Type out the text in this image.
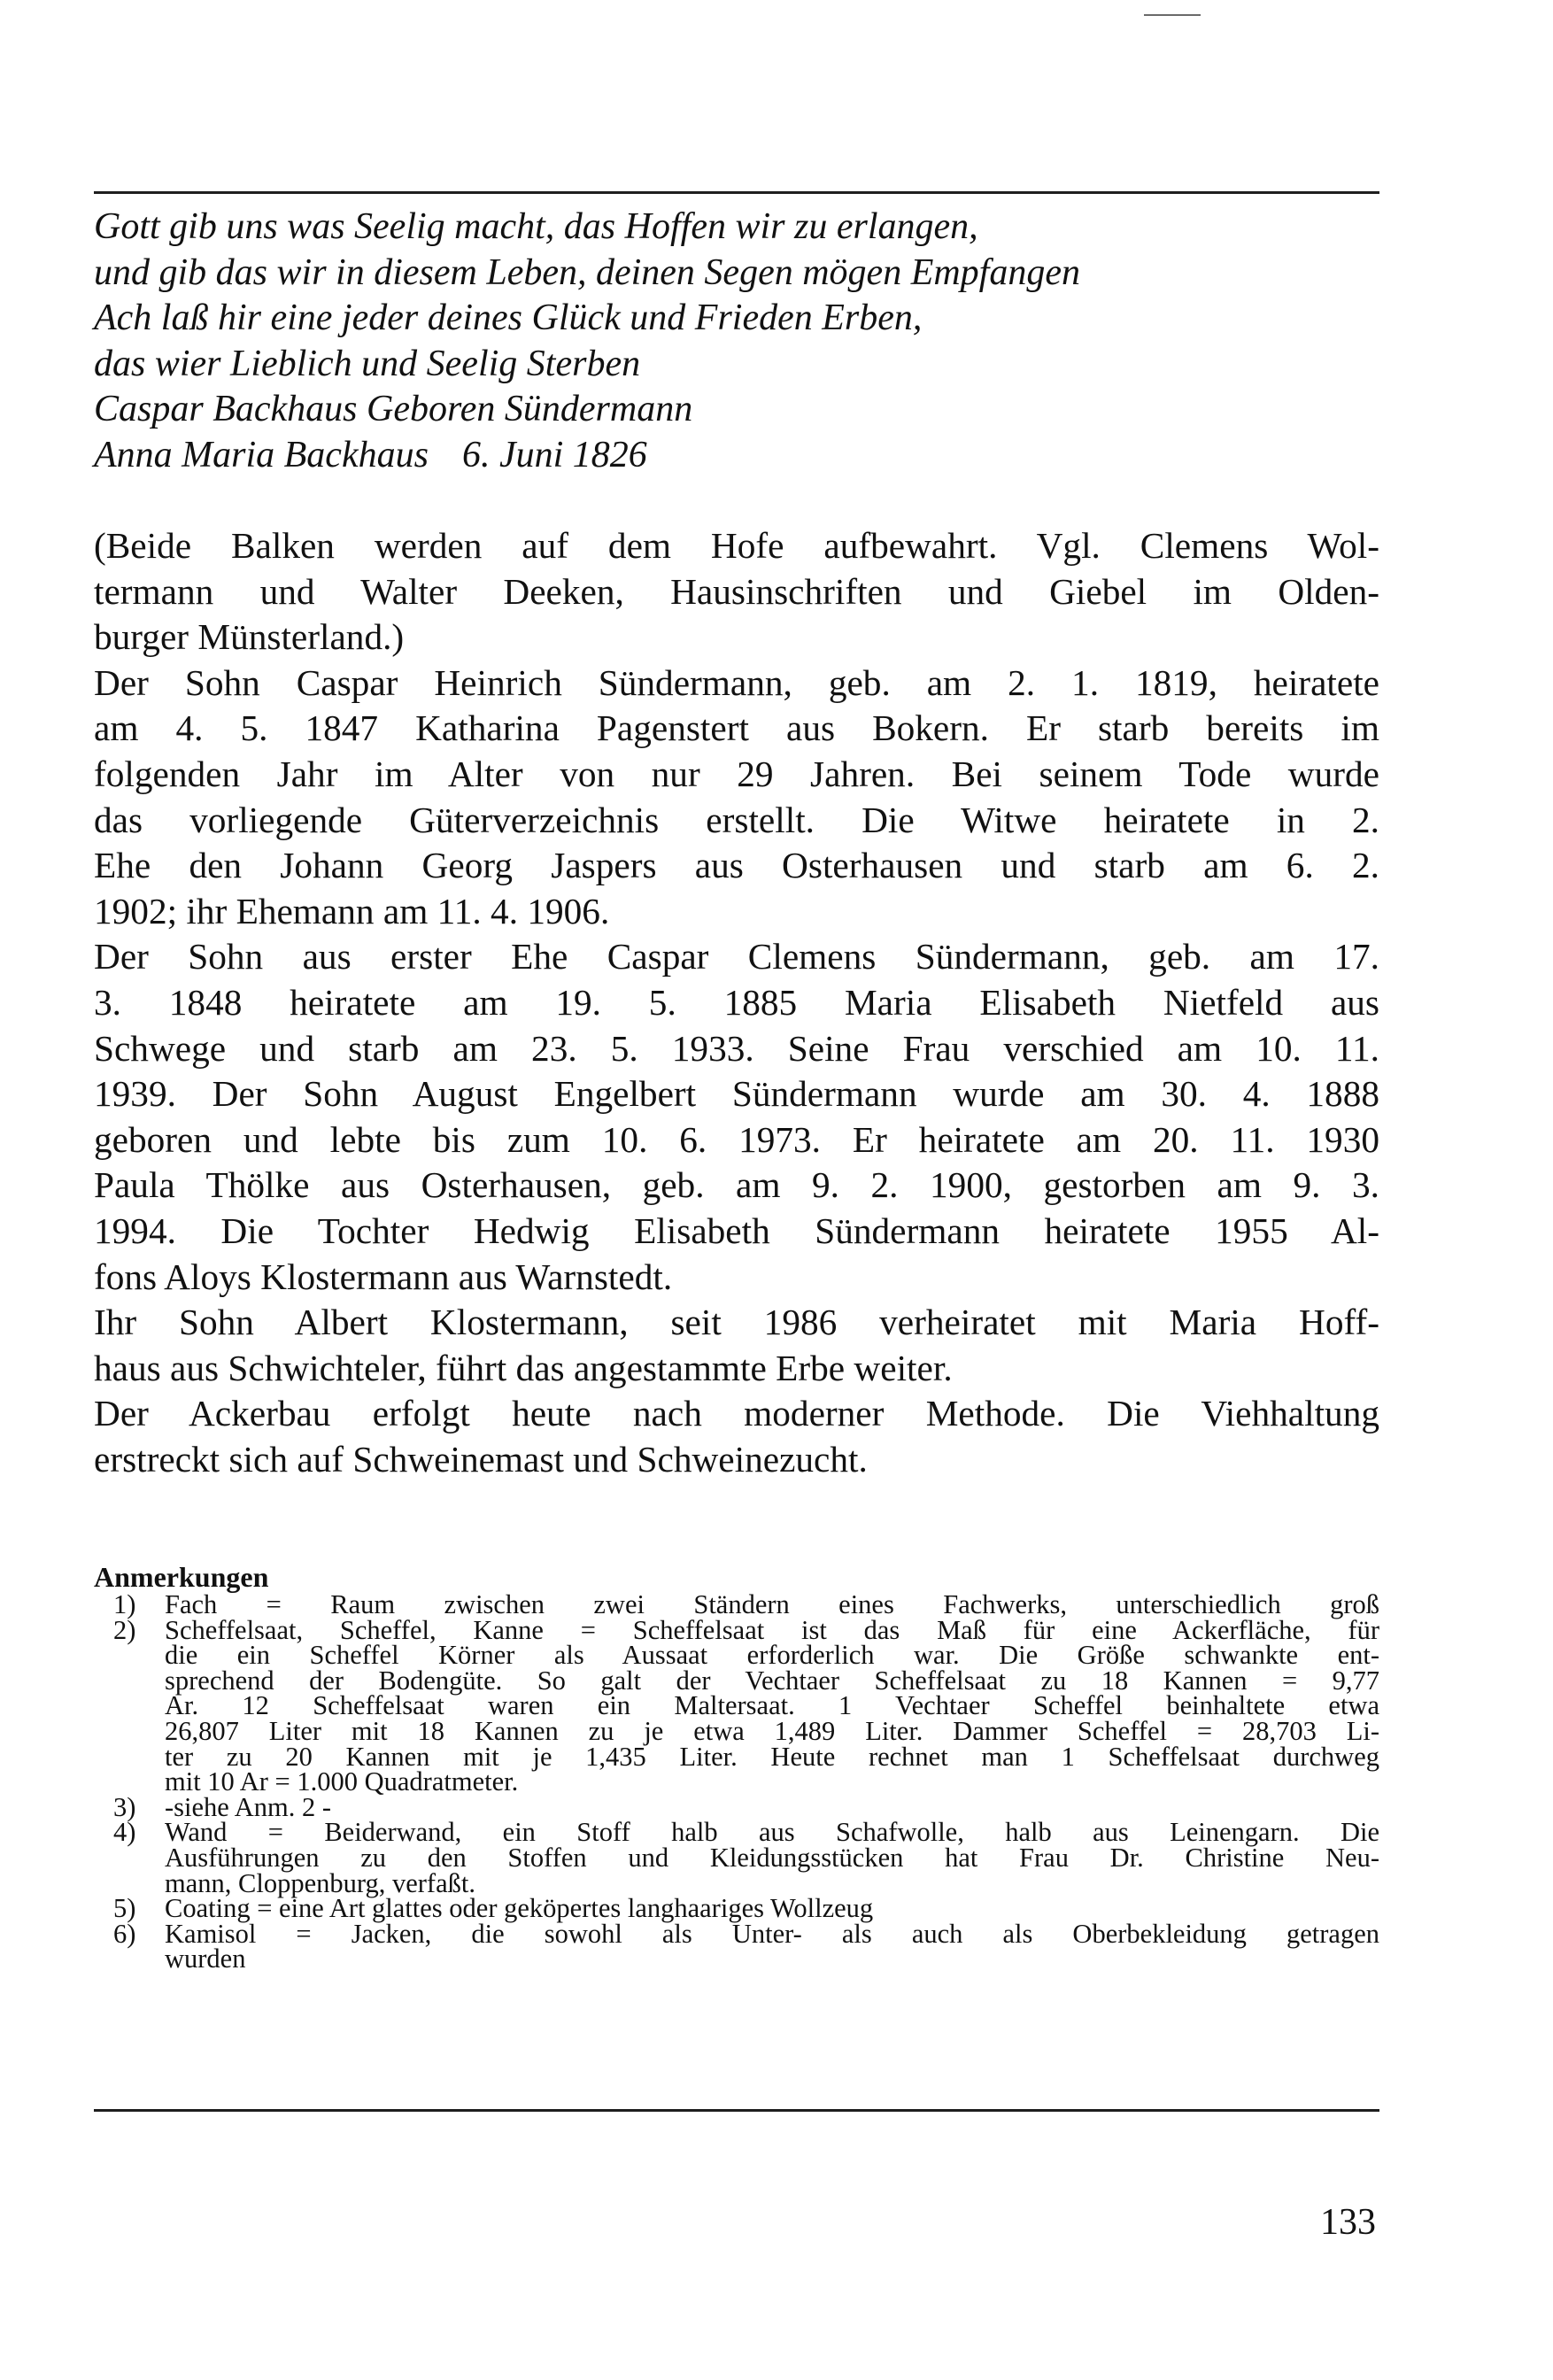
Gott gib uns was Seelig macht, das Hoffen wir zu erlangen,
und gib das wir in diesem Leben, deinen Segen mögen Empfangen
Ach laß hir eine jeder deines Glück und Frieden Erben,
das wier Lieblich und Seelig Sterben
Caspar Backhaus Geboren Sündermann
Anna Maria Backhaus 6. Juni 1826
(Beide Balken werden auf dem Hofe aufbewahrt. Vgl. Clemens Wol-
termann und Walter Deeken, Hausinschriften und Giebel im Olden-
burger Münsterland.)
Der Sohn Caspar Heinrich Sündermann, geb. am 2. 1. 1819, heiratete
am 4. 5. 1847 Katharina Pagenstert aus Bokern. Er starb bereits im
folgenden Jahr im Alter von nur 29 Jahren. Bei seinem Tode wurde
das vorliegende Güterverzeichnis erstellt. Die Witwe heiratete in 2.
Ehe den Johann Georg Jaspers aus Osterhausen und starb am 6. 2.
1902; ihr Ehemann am 11. 4. 1906.
Der Sohn aus erster Ehe Caspar Clemens Sündermann, geb. am 17.
3. 1848 heiratete am 19. 5. 1885 Maria Elisabeth Nietfeld aus
Schwege und starb am 23. 5. 1933. Seine Frau verschied am 10. 11.
1939. Der Sohn August Engelbert Sündermann wurde am 30. 4. 1888
geboren und lebte bis zum 10. 6. 1973. Er heiratete am 20. 11. 1930
Paula Thölke aus Osterhausen, geb. am 9. 2. 1900, gestorben am 9. 3.
1994. Die Tochter Hedwig Elisabeth Sündermann heiratete 1955 Al-
fons Aloys Klostermann aus Warnstedt.
Ihr Sohn Albert Klostermann, seit 1986 verheiratet mit Maria Hoff-
haus aus Schwichteler, führt das angestammte Erbe weiter.
Der Ackerbau erfolgt heute nach moderner Methode. Die Viehhaltung
erstreckt sich auf Schweinemast und Schweinezucht.
Anmerkungen
1) Fach = Raum zwischen zwei Ständern eines Fachwerks, unterschiedlich groß
2) Scheffelsaat, Scheffel, Kanne = Scheffelsaat ist das Maß für eine Ackerfläche, für
die ein Scheffel Körner als Aussaat erforderlich war. Die Größe schwankte ent-
sprechend der Bodengüte. So galt der Vechtaer Scheffelsaat zu 18 Kannen = 9,77
Ar. 12 Scheffelsaat waren ein Maltersaat. 1 Vechtaer Scheffel beinhaltete etwa
26,807 Liter mit 18 Kannen zu je etwa 1,489 Liter. Dammer Scheffel = 28,703 Li-
ter zu 20 Kannen mit je 1,435 Liter. Heute rechnet man 1 Scheffelsaat durchweg
mit 10 Ar = 1.000 Quadratmeter.
3) -siehe Anm. 2 -
4) Wand = Beiderwand, ein Stoff halb aus Schafwolle, halb aus Leinengarn. Die
Ausführungen zu den Stoffen und Kleidungsstücken hat Frau Dr. Christine Neu-
mann, Cloppenburg, verfaßt.
5) Coating = eine Art glattes oder geköpertes langhaariges Wollzeug
6) Kamisol = Jacken, die sowohl als Unter- als auch als Oberbekleidung getragen
wurden
133
